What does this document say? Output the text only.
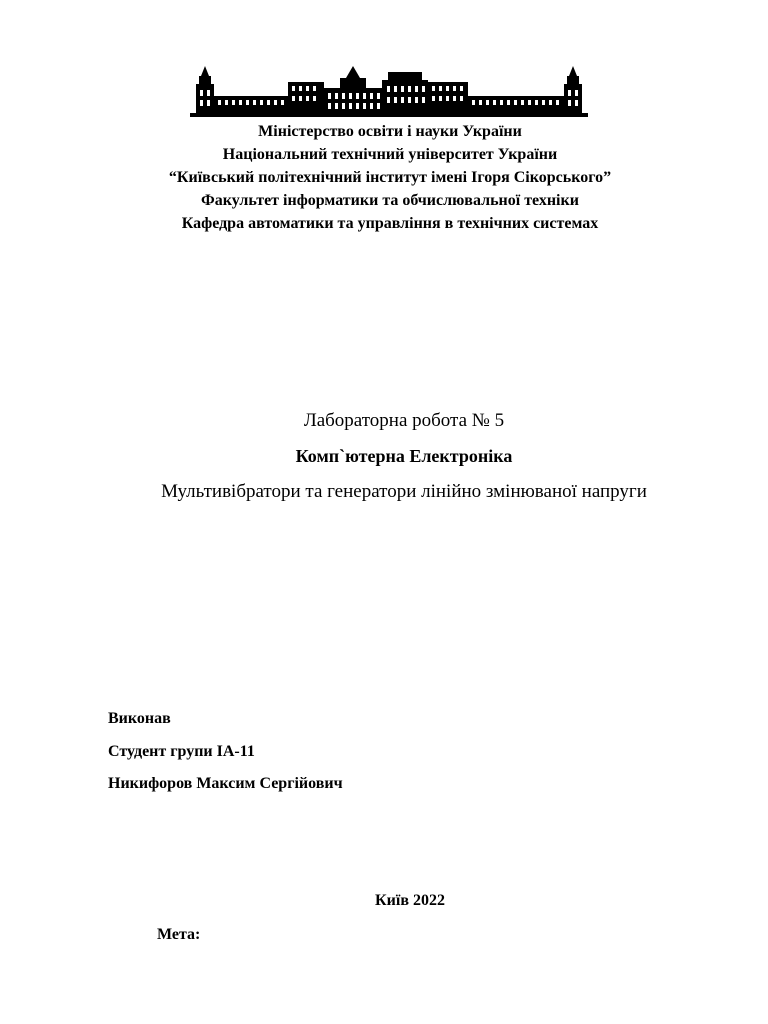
Міністерство освіти і науки України
Національний технічний університет України
“Київський політехнічний інститут імені Ігоря Сікорського”
Факультет інформатики та обчислювальної техніки
Кафедра автоматики та управління в технічних системах
Лабораторна робота № 5
Комп`ютерна Електроніка
Мультивібратори та генератори лінійно змінюваної напруги
Виконав
Студент групи ІА-11
Никифоров Максим Сергійович
Київ 2022
Мета:
